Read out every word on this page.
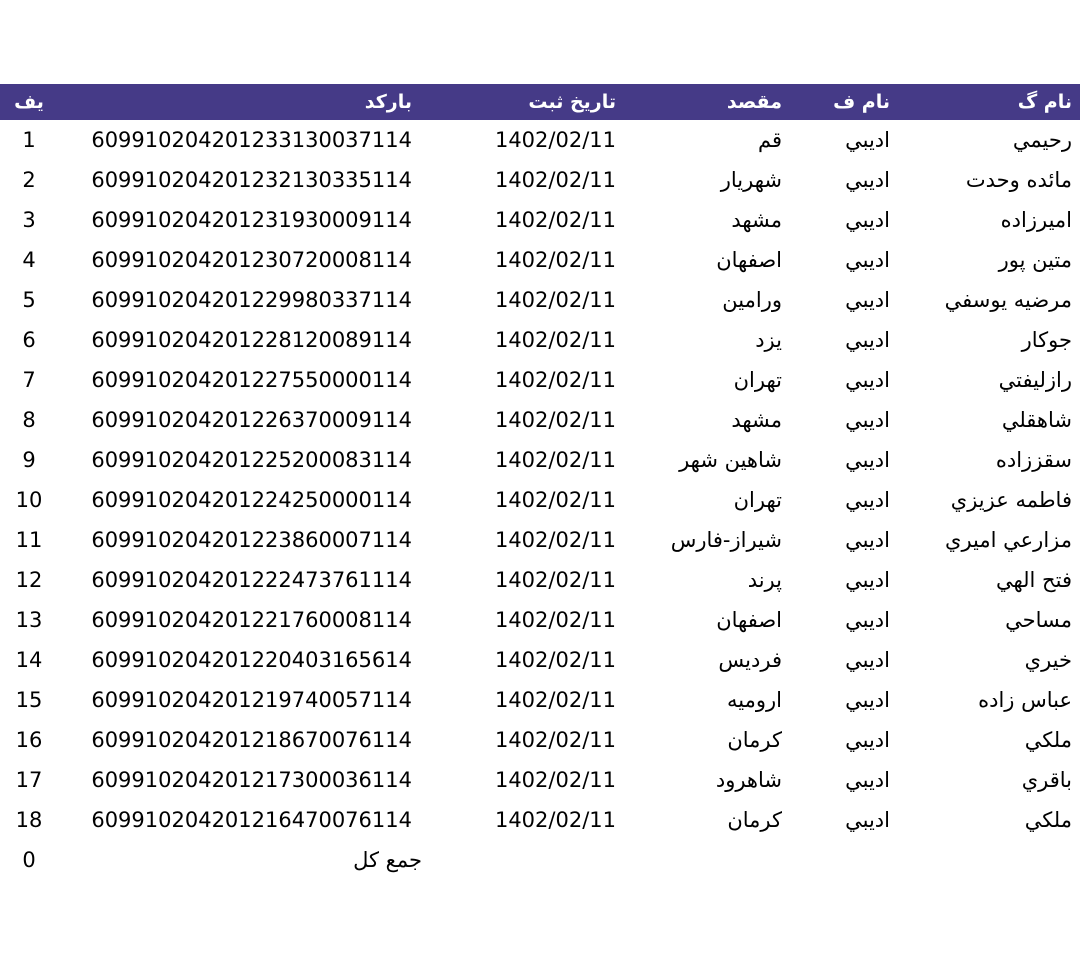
نام گ	نام ف	مقصد	تاريخ ثبت	باركد	يف
رحيمي	اديبي	قم	1402/02/11	609910204201233130037114	1
مائده وحدت	اديبي	شهريار	1402/02/11	609910204201232130335114	2
اميرزاده	اديبي	مشهد	1402/02/11	609910204201231930009114	3
متين پور	اديبي	اصفهان	1402/02/11	609910204201230720008114	4
مرضيه يوسفي	اديبي	ورامين	1402/02/11	609910204201229980337114	5
جوكار	اديبي	يزد	1402/02/11	609910204201228120089114	6
رازليفتي	اديبي	تهران	1402/02/11	609910204201227550000114	7
شاهقلي	اديبي	مشهد	1402/02/11	609910204201226370009114	8
سقززاده	اديبي	شاهين شهر	1402/02/11	609910204201225200083114	9
فاطمه عزيزي	اديبي	تهران	1402/02/11	609910204201224250000114	10
مزارعي اميري	اديبي	شيراز-فارس	1402/02/11	609910204201223860007114	11
فتح الهي	اديبي	پرند	1402/02/11	609910204201222473761114	12
مساحي	اديبي	اصفهان	1402/02/11	609910204201221760008114	13
خيري	اديبي	فرديس	1402/02/11	609910204201220403165614	14
عباس زاده	اديبي	اروميه	1402/02/11	609910204201219740057114	15
ملكي	اديبي	كرمان	1402/02/11	609910204201218670076114	16
باقري	اديبي	شاهرود	1402/02/11	609910204201217300036114	17
ملكي	اديبي	كرمان	1402/02/11	609910204201216470076114	18
				جمع كل	0
